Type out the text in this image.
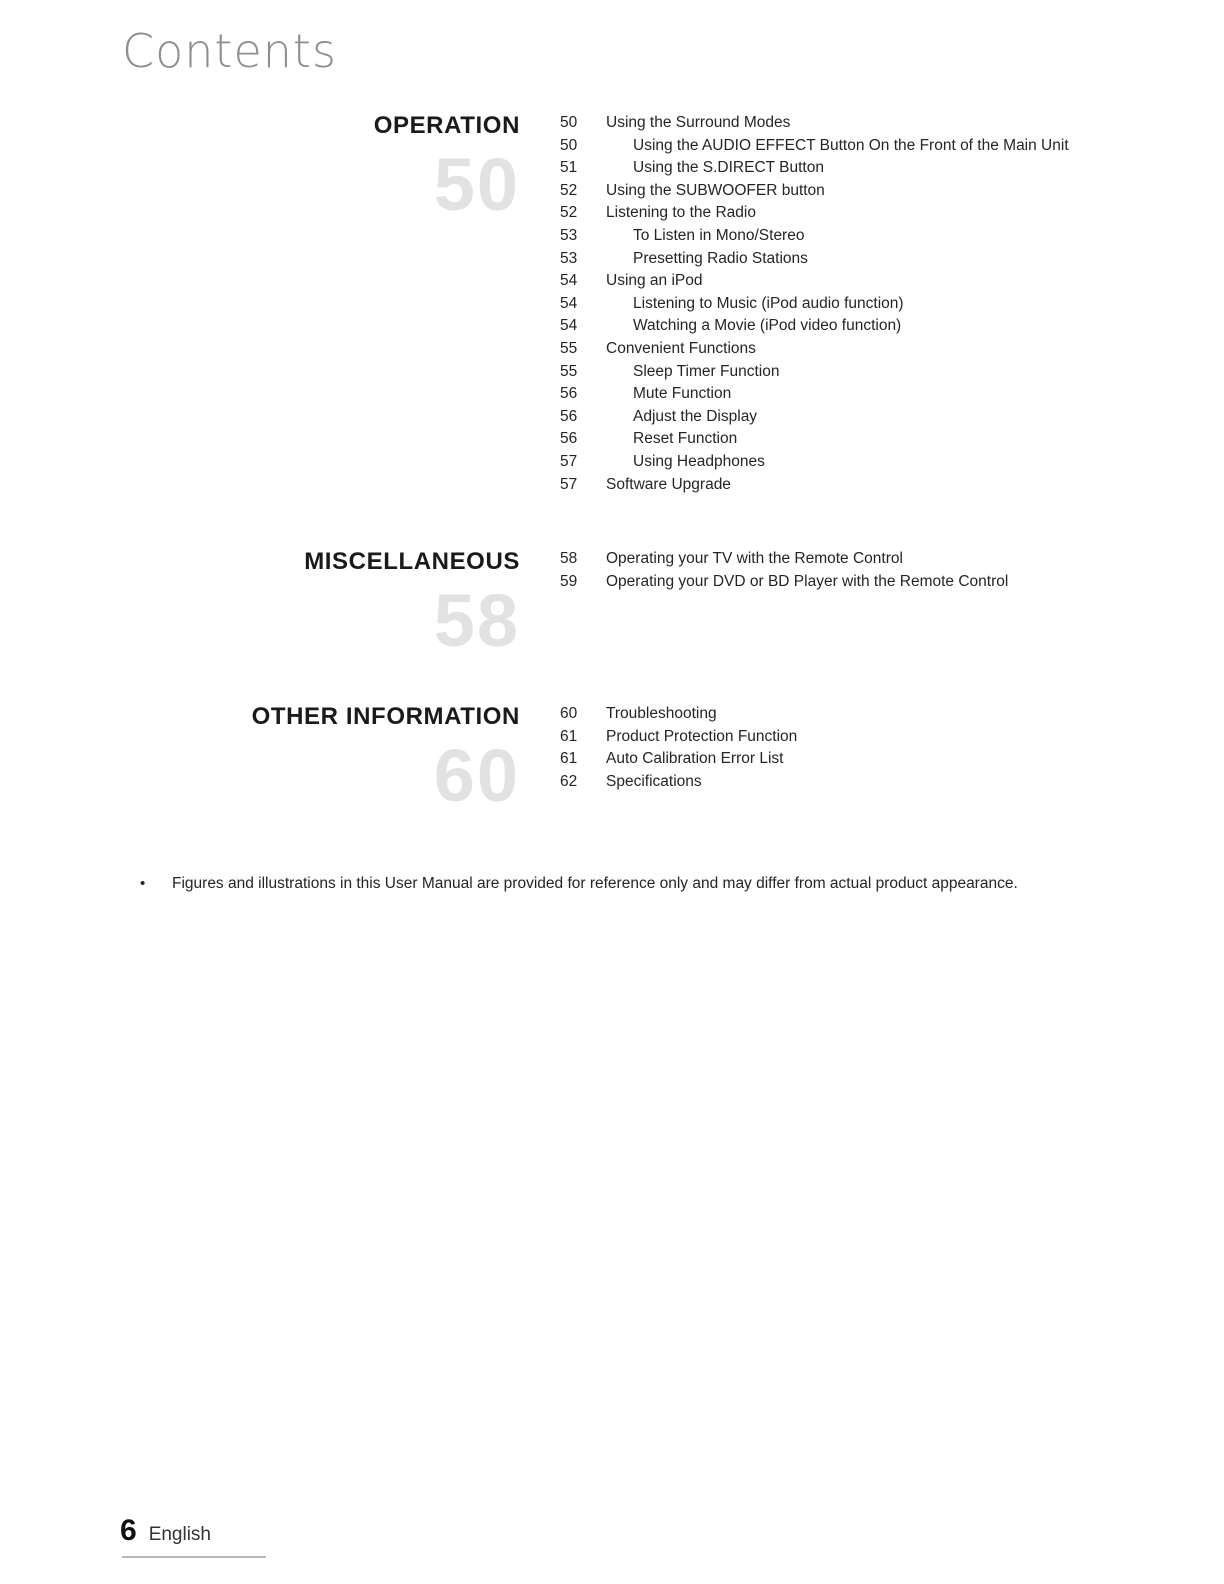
Contents
OPERATION
50
50	Using the Surround Modes
50	Using the AUDIO EFFECT Button On the Front of the Main Unit
51	Using the S.DIRECT Button
52	Using the SUBWOOFER button
52	Listening to the Radio
53	To Listen in Mono/Stereo
53	Presetting Radio Stations
54	Using an iPod
54	Listening to Music (iPod audio function)
54	Watching a Movie (iPod video function)
55	Convenient Functions
55	Sleep Timer Function
56	Mute Function
56	Adjust the Display
56	Reset Function
57	Using Headphones
57	Software Upgrade
MISCELLANEOUS
58
58	Operating your TV with the Remote Control
59	Operating your DVD or BD Player with the Remote Control
OTHER INFORMATION
60
60	Troubleshooting
61	Product Protection Function
61	Auto Calibration Error List
62	Specifications
•	Figures and illustrations in this User Manual are provided for reference only and may differ from actual product appearance.
6 English
